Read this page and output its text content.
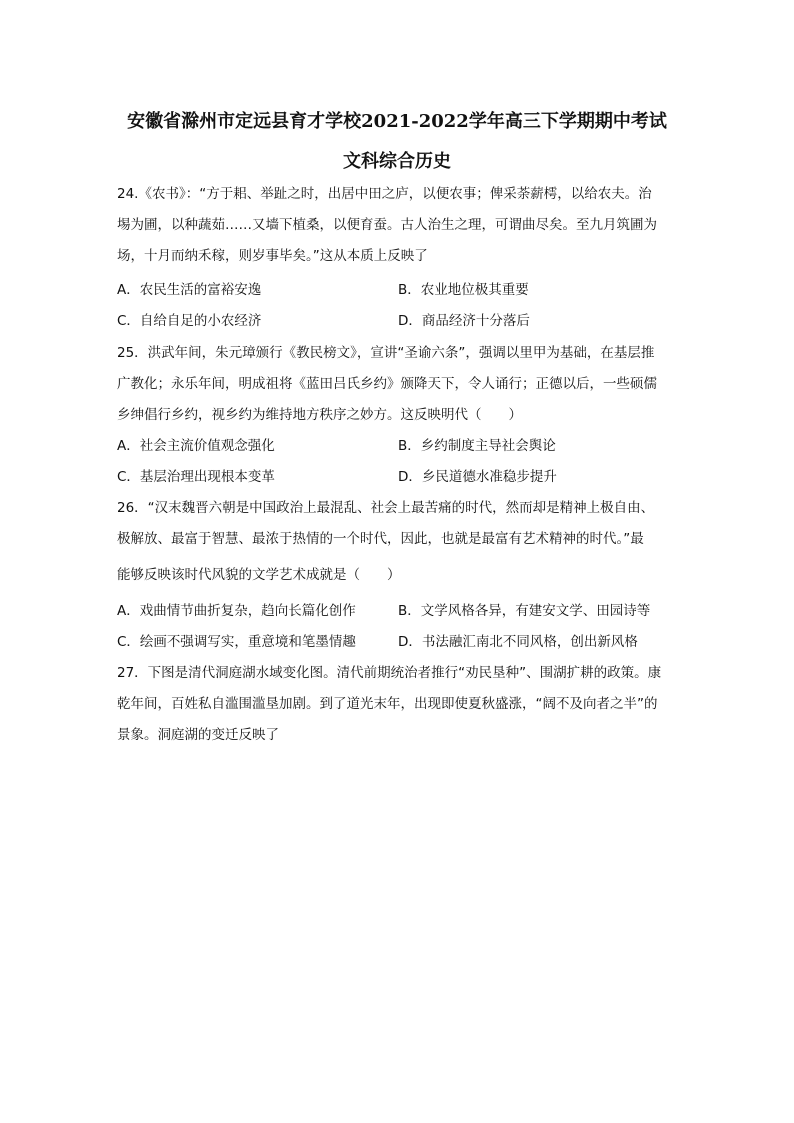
安徽省滁州市定远县育才学校2021-2022学年高三下学期期中考试
文科综合历史
24.《农书》：“方于耜、举趾之时，出居中田之庐，以便农事；俾采荼薪樗，以给农夫。治
埸为圃，以种蔬茹……又墙下植桑，以便育蚕。古人治生之理，可谓曲尽矣。至九月筑圃为
场，十月而纳禾稼，则岁事毕矣。”这从本质上反映了
A．农民生活的富裕安逸	B．农业地位极其重要
C．自给自足的小农经济	D．商品经济十分落后
25．洪武年间，朱元璋颁行《教民榜文》，宣讲“圣谕六条”，强调以里甲为基础，在基层推
广教化；永乐年间，明成祖将《蓝田吕氏乡约》颁降天下，令人诵行；正德以后，一些硕儒
乡绅倡行乡约，视乡约为维持地方秩序之妙方。这反映明代（　　）
A．社会主流价值观念强化	B．乡约制度主导社会舆论
C．基层治理出现根本变革	D．乡民道德水准稳步提升
26．“汉末魏晋六朝是中国政治上最混乱、社会上最苦痛的时代，然而却是精神上极自由、
极解放、最富于智慧、最浓于热情的一个时代，因此，也就是最富有艺术精神的时代。”最
能够反映该时代风貌的文学艺术成就是（　　）
A．戏曲情节曲折复杂，趋向长篇化创作	B．文学风格各异，有建安文学、田园诗等
C．绘画不强调写实，重意境和笔墨情趣	D．书法融汇南北不同风格，创出新风格
27．下图是清代洞庭湖水域变化图。清代前期统治者推行“劝民垦种”、围湖扩耕的政策。康
乾年间，百姓私自滥围滥垦加剧。到了道光末年，出现即使夏秋盛涨，“阔不及向者之半”的
景象。洞庭湖的变迁反映了
